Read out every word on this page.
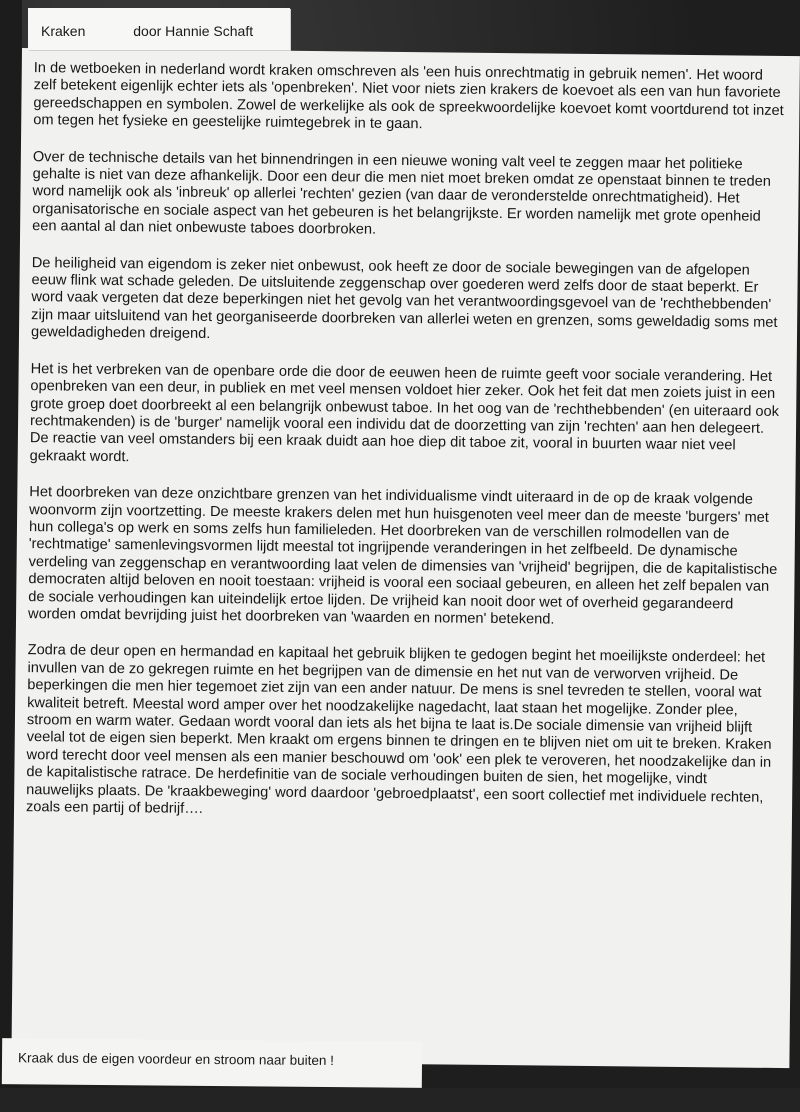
In de wetboeken in nederland wordt kraken omschreven als 'een huis onrechtmatig in gebruik nemen'. Het woord zelf betekent eigenlijk echter iets als 'openbreken'. Niet voor niets zien krakers de koevoet als een van hun favoriete gereedschappen en symbolen. Zowel de werkelijke als ook de spreekwoordelijke koevoet komt voortdurend tot inzet om tegen het fysieke en geestelijke ruimtegebrek in te gaan.

Over de technische details van het binnendringen in een nieuwe woning valt veel te zeggen maar het politieke gehalte is niet van deze afhankelijk. Door een deur die men niet moet breken omdat ze openstaat binnen te treden word namelijk ook als 'inbreuk' op allerlei 'rechten' gezien (van daar de veronderstelde onrechtmatigheid). Het organisatorische en sociale aspect van het gebeuren is het belangrijkste. Er worden namelijk met grote openheid een aantal al dan niet onbewuste taboes doorbroken.

De heiligheid van eigendom is zeker niet onbewust, ook heeft ze door de sociale bewegingen van de afgelopen eeuw flink wat schade geleden. De uitsluitende zeggenschap over goederen werd zelfs door de staat beperkt. Er word vaak vergeten dat deze beperkingen niet het gevolg van het verantwoordingsgevoel van de 'rechthebbenden' zijn maar uitsluitend van het georganiseerde doorbreken van allerlei weten en grenzen, soms geweldadig soms met geweldadigheden dreigend.

Het is het verbreken van de openbare orde die door de eeuwen heen de ruimte geeft voor sociale verandering. Het openbreken van een deur, in publiek en met veel mensen voldoet hier zeker. Ook het feit dat men zoiets juist in een grote groep doet doorbreekt al een belangrijk onbewust taboe. In het oog van de 'rechthebbenden' (en uiteraard ook rechtmakenden) is de 'burger' namelijk vooral een individu dat de doorzetting van zijn 'rechten' aan hen delegeert. De reactie van veel omstanders bij een kraak duidt aan hoe diep dit taboe zit, vooral in buurten waar niet veel gekraakt wordt.

Het doorbreken van deze onzichtbare grenzen van het individualisme vindt uiteraard in de op de kraak volgende woonvorm zijn voortzetting. De meeste krakers delen met hun huisgenoten veel meer dan de meeste 'burgers' met hun collega's op werk en soms zelfs hun familieleden. Het doorbreken van de verschillen rolmodellen van de 'rechtmatige' samenlevingsvormen lijdt meestal tot ingrijpende veranderingen in het zelfbeeld. De dynamische verdeling van zeggenschap en verantwoording laat velen de dimensies van 'vrijheid' begrijpen, die de kapitalistische democraten altijd beloven en nooit toestaan: vrijheid is vooral een sociaal gebeuren, en alleen het zelf bepalen van de sociale verhoudingen kan uiteindelijk ertoe lijden. De vrijheid kan nooit door wet of overheid gegarandeerd worden omdat bevrijding juist het doorbreken van 'waarden en normen' betekend.

Zodra de deur open en hermandad en kapitaal het gebruik blijken te gedogen begint het moeilijkste onderdeel: het invullen van de zo gekregen ruimte en het begrijpen van de dimensie en het nut van de verworven vrijheid. De beperkingen die men hier tegemoet ziet zijn van een ander natuur. De mens is snel tevreden te stellen, vooral wat kwaliteit betreft. Meestal word amper over het noodzakelijke nagedacht, laat staan het mogelijke. Zonder plee, stroom en warm water. Gedaan wordt vooral dan iets als het bijna te laat is.De sociale dimensie van vrijheid blijft veelal tot de eigen sien beperkt. Men kraakt om ergens binnen te dringen en te blijven niet om uit te breken. Kraken word terecht door veel mensen als een manier beschouwd om 'ook' een plek te veroveren, het noodzakelijke dan in de kapitalistische ratrace. De herdefinitie van de sociale verhoudingen buiten de sien, het mogelijke, vindt nauwelijks plaats. De 'kraakbeweging' word daardoor 'gebroedplaatst', een soort collectief met individuele rechten, zoals een partij of bedrijf….

Kraken	door Hannie Schaft
Kraak dus de eigen voordeur en stroom naar buiten !
